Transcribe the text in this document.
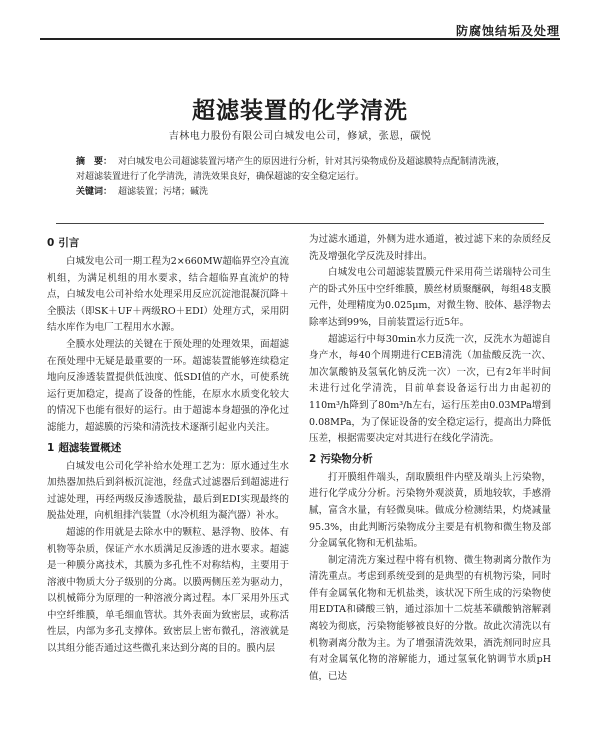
防腐蚀结垢及处理
超滤装置的化学清洗
吉林电力股份有限公司白城发电公司，修斌，张恩，碳悦

摘　要： 对白城发电公司超滤装置污堵产生的原因进行分析，针对其污染物成份及超滤膜特点配制清洗液，

对超滤装置进行了化学清洗，清洗效果良好，确保超滤的安全稳定运行。

关键词： 超滤装置；污堵；碱洗

0 引言

白城发电公司一期工程为2×660MW超临界空冷直流机组，为满足机组的用水要求，结合超临界直流炉的特点，白城发电公司补给水处理采用反应沉淀池混凝沉降＋全膜法（即SK＋UF＋两级RO＋EDI）处理方式，采用阴结水库作为电厂工程用水水源。

全膜水处理法的关键在于预处理的处理效果，面超滤在预处理中无疑是最重要的一环。超滤装置能够连续稳定地向反渗透装置提供低浊度、低SDI值的产水，可使系统运行更加稳定，提高了设备的性能，在原水水质变化较大的情况下也能有很好的运行。由于超滤本身超强的净化过滤能力，超滤膜的污染和清洗技术逐渐引起业内关注。

1 超滤装置概述

白城发电公司化学补给水处理工艺为：原水通过生水加热器加热后到斜板沉淀池，经盘式过滤器后到超滤进行过滤处理，再经两级反渗透脱盐，最后到EDI实现最终的脱盐处理，向机组排汽装置（水冷机组为凝汽器）补水。

超滤的作用就是去除水中的颗粒、悬浮物、胶体、有机物等杂质，保证产水水质满足反渗透的进水要求。超滤是一种膜分离技术，其膜为多孔性不对称结构，主要用于溶液中物质大分子级别的分离。以膜两侧压差为驱动力，以机械筛分为原理的一种溶液分离过程。本厂采用外压式中空纤维膜，单毛细血管状。其外表面为致密层，或称活性层，内部为多孔支撑体。致密层上密布微孔，溶液就是以其组分能否通过这些微孔来达到分离的目的。膜内层

为过滤水通道，外侧为进水通道，被过滤下来的杂质经反洗及增强化学反洗及时排出。

白城发电公司超滤装置膜元件采用荷兰诺瑞特公司生产的卧式外压中空纤维膜，膜丝材质聚醚砜，每组48支膜元件，处理精度为0.025μm，对微生物、胶体、悬浮物去除率达到99%，目前装置运行近5年。

超滤运行中每30min水力反洗一次，反洗水为超滤自身产水，每40个周期进行CEB清洗（加盐酸反洗一次、加次氯酸钠及氢氧化钠反洗一次）一次，已有2年半时间未进行过化学清洗，目前单套设备运行出力由起初的110m³/h降到了80m³/h左右，运行压差由0.03MPa增到0.08MPa，为了保证设备的安全稳定运行，提高出力降低压差，根据需要决定对其进行在线化学清洗。

2 污染物分析

打开膜组件端头，刮取膜组件内壁及端头上污染物，进行化学成分分析。污染物外观淡黄，质地较软，手感滑腻，富含水量，有轻微臭味。做成分检测结果，灼烧减量95.3%，由此判断污染物成分主要是有机物和微生物及部分金属氧化物和无机盐垢。

制定清洗方案过程中将有机物、微生物剥离分散作为清洗重点。考虑到系统受到的是典型的有机物污染，同时伴有金属氧化物和无机盐类，该状况下所生成的污染物使用EDTA和磷酸三钠，通过添加十二烷基苯磺酸钠溶解剥离较为彻底，污染物能够被良好的分散。故此次清洗以有机物剥离分散为主。为了增强清洗效果，酒洗剂同时应具有对金属氧化物的溶解能力，通过氢氧化钠调节水质pH值，已达
